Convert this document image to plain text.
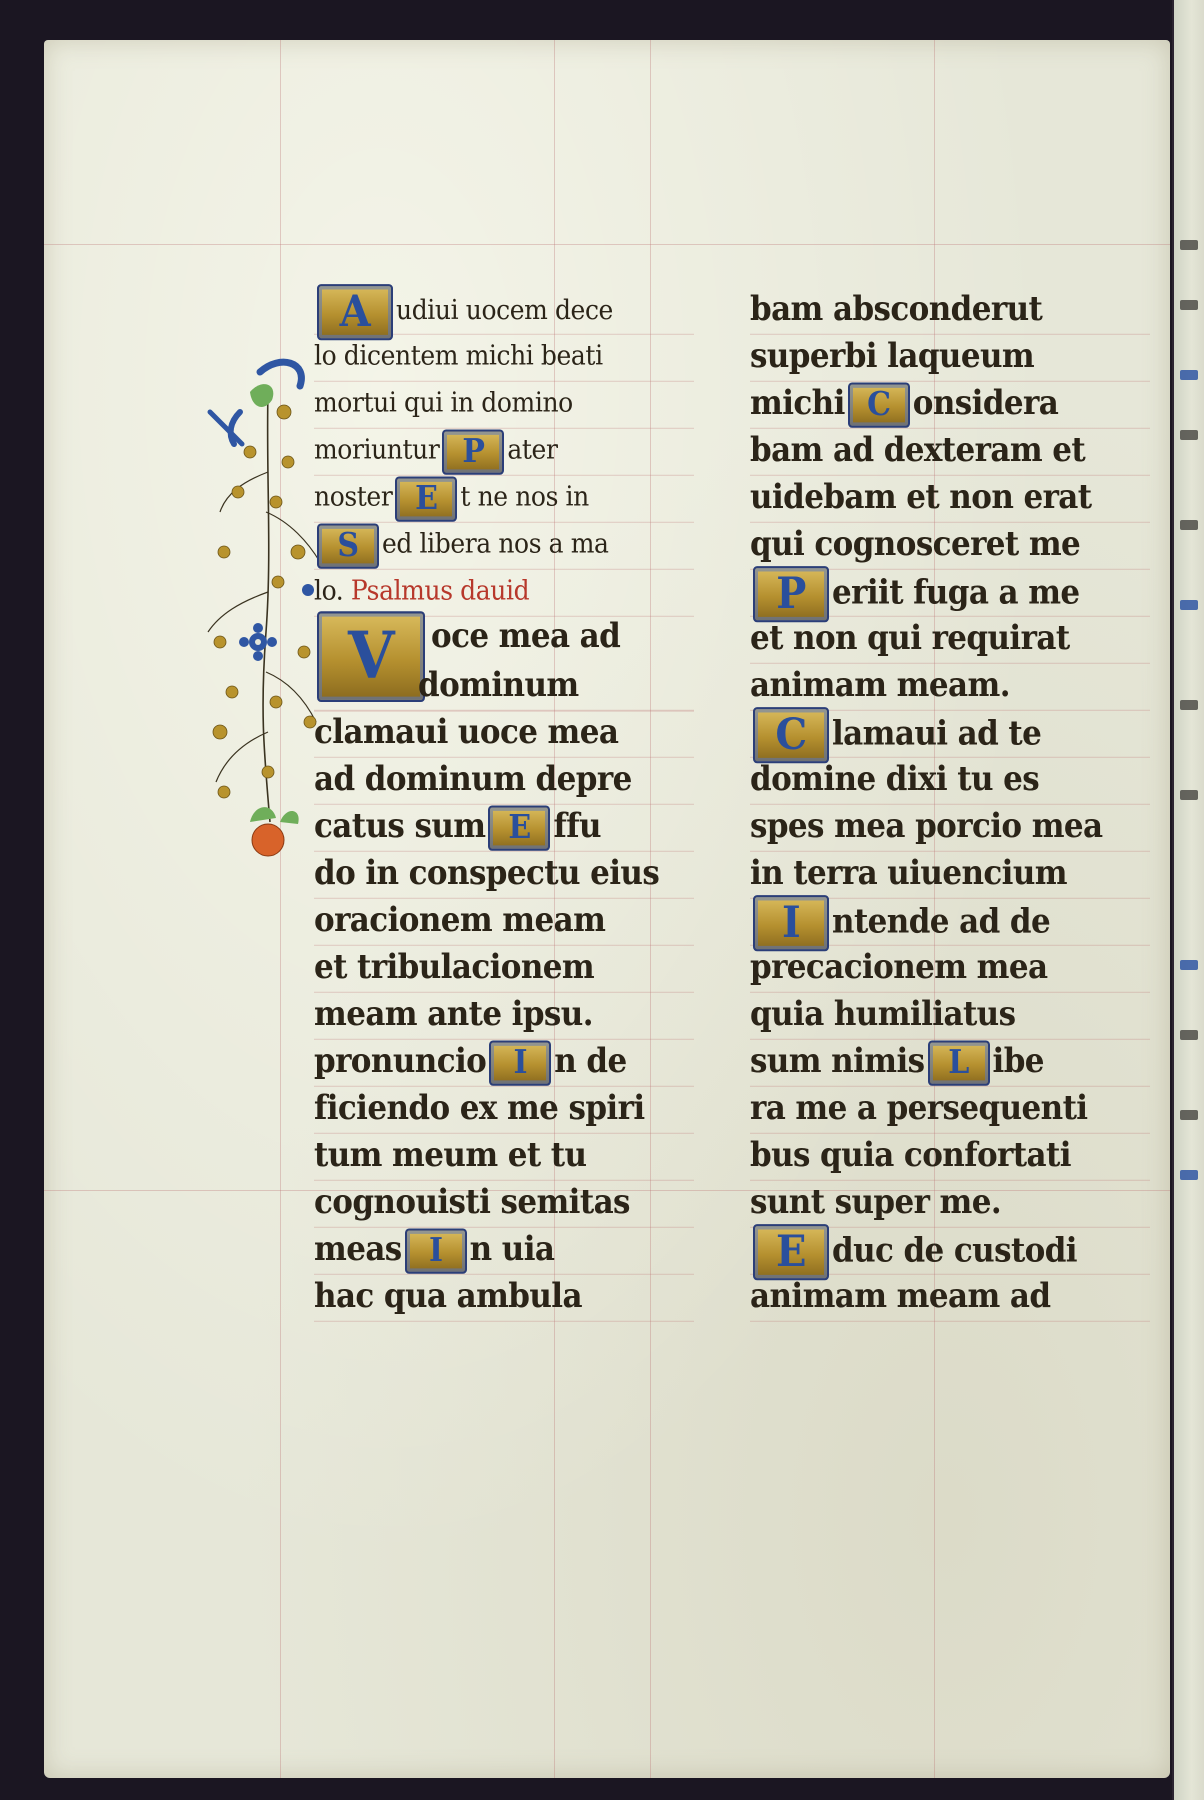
A udiui uocem dece
lo dicentem michi beati
mortui qui in domino
moriuntur P ater
noster E t ne nos in
S ed libera nos a ma
lo. Psalmus dauid
V oce mea ad
dominum
clamaui uoce mea
ad dominum depre
catus sum E ffu
do in conspectu eius
oracionem meam
et tribulacionem
meam ante ipsu.
pronuncio I n de
ficiendo ex me spiri
tum meum et tu
cognouisti semitas
meas I n uia
hac qua ambula
bam absconderut
superbi laqueum
michi C onsidera
bam ad dexteram et
uidebam et non erat
qui cognosceret me
P eriit fuga a me
et non qui requirat
animam meam.
C lamaui ad te
domine dixi tu es
spes mea porcio mea
in terra uiuencium
I ntende ad de
precacionem mea
quia humiliatus
sum nimis L ibe
ra me a persequenti
bus quia confortati
sunt super me.
E duc de custodi
animam meam ad
